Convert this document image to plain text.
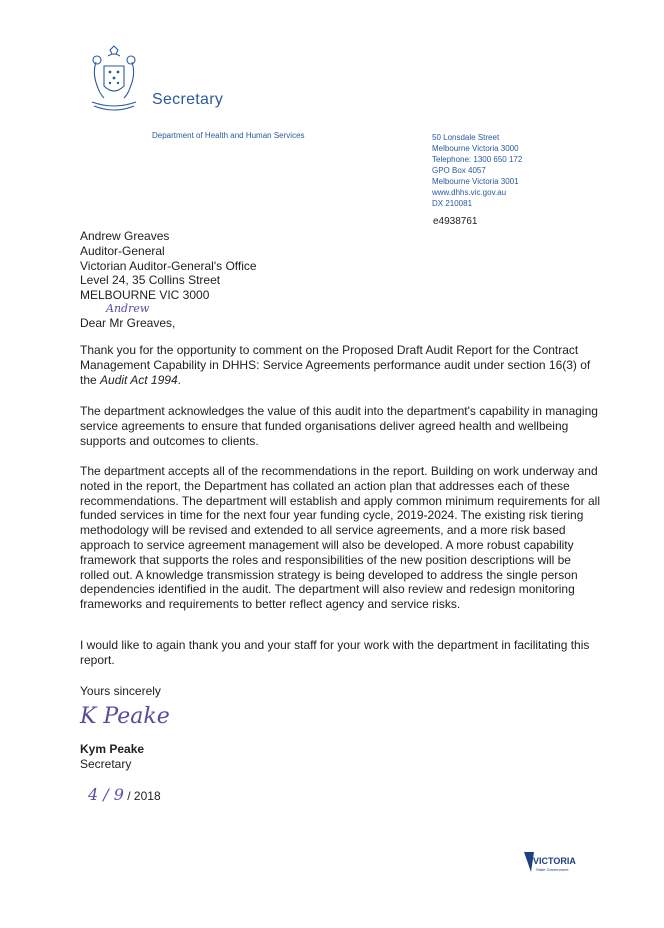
Secretary
Department of Health and Human Services	50 Lonsdale Street
Melbourne Victoria 3000
Telephone: 1300 650 172
GPO Box 4057
Melbourne Victoria 3001
www.dhhs.vic.gov.au
DX 210081
e4938761
Andrew Greaves
Auditor-General
Victorian Auditor-General's Office
Level 24, 35 Collins Street
MELBOURNE VIC 3000
Andrew
Dear Mr Greaves,
Thank you for the opportunity to comment on the Proposed Draft Audit Report for the Contract Management Capability in DHHS: Service Agreements performance audit under section 16(3) of the Audit Act 1994.
The department acknowledges the value of this audit into the department's capability in managing service agreements to ensure that funded organisations deliver agreed health and wellbeing supports and outcomes to clients.
The department accepts all of the recommendations in the report. Building on work underway and noted in the report, the Department has collated an action plan that addresses each of these recommendations. The department will establish and apply common minimum requirements for all funded services in time for the next four year funding cycle, 2019-2024. The existing risk tiering methodology will be revised and extended to all service agreements, and a more risk based approach to service agreement management will also be developed. A more robust capability framework that supports the roles and responsibilities of the new position descriptions will be rolled out. A knowledge transmission strategy is being developed to address the single person dependencies identified in the audit. The department will also review and redesign monitoring frameworks and requirements to better reflect agency and service risks.
I would like to again thank you and your staff for your work with the department in facilitating this report.
Yours sincerely
K Peake
Kym Peake
Secretary
4 / 9 / 2018
VICTORIA
State Government
